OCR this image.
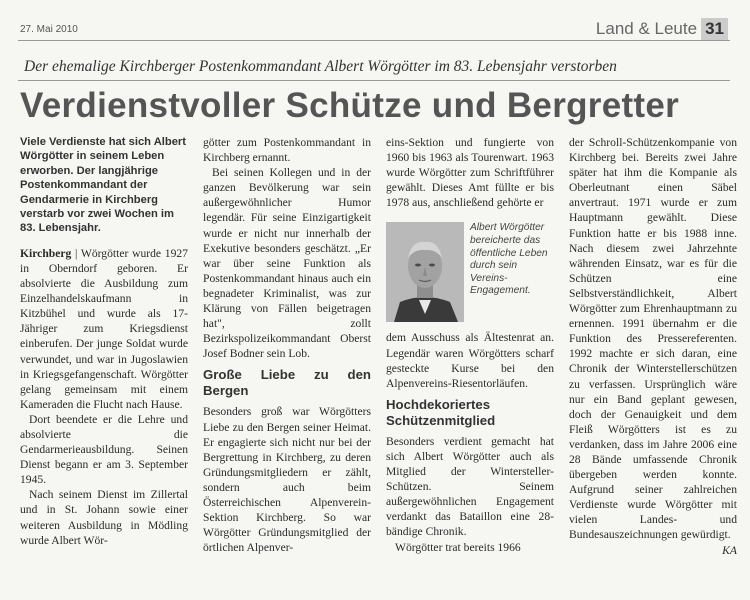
27. Mai 2010	Land & Leute 31
Der ehemalige Kirchberger Postenkommandant Albert Wörgötter im 83. Lebensjahr verstorben
Verdienstvoller Schütze und Bergretter

Viele Verdienste hat sich Albert Wörgötter in seinem Leben erworben. Der langjährige Postenkommandant der Gendarmerie in Kirchberg verstarb vor zwei Wochen im 83. Lebensjahr.

Kirchberg | Wörgötter wurde 1927 in Oberndorf geboren. Er absolvierte die Ausbildung zum Einzelhandelskaufmann in Kitzbühel und wurde als 17-Jähriger zum Kriegsdienst einberufen. Der junge Soldat wurde verwundet, und war in Jugoslawien in Kriegsgefangenschaft. Wörgötter gelang gemeinsam mit einem Kameraden die Flucht nach Hause.

Dort beendete er die Lehre und absolvierte die Gendarmerieausbildung. Seinen Dienst begann er am 3. September 1945.

Nach seinem Dienst im Zillertal und in St. Johann sowie einer weiteren Ausbildung in Mödling wurde Albert Wör-

götter zum Postenkommandant in Kirchberg ernannt.

Bei seinen Kollegen und in der ganzen Bevölkerung war sein außergewöhnlicher Humor legendär. Für seine Einzigartigkeit wurde er nicht nur innerhalb der Exekutive besonders geschätzt. „Er war über seine Funktion als Postenkommandant hinaus auch ein begnadeter Kriminalist, was zur Klärung von Fällen beigetragen hat", zollt Bezirkspolizeikommandant Oberst Josef Bodner sein Lob.

Große Liebe zu den Bergen

Besonders groß war Wörgötters Liebe zu den Bergen seiner Heimat. Er engagierte sich nicht nur bei der Bergrettung in Kirchberg, zu deren Gründungsmitgliedern er zählt, sondern auch beim Österreichischen Alpenverein-Sektion Kirchberg. So war Wörgötter Gründungsmitglied der örtlichen Alpenver-

eins-Sektion und fungierte von 1960 bis 1963 als Tourenwart. 1963 wurde Wörgötter zum Schriftführer gewählt. Dieses Amt füllte er bis 1978 aus, anschließend gehörte er

Albert Wörgötter bereicherte das öffentliche Leben durch sein Vereins-Engagement.

dem Ausschuss als Ältestenrat an. Legendär waren Wörgötters scharf gesteckte Kurse bei den Alpenvereins-Riesentorläufen.

Hochdekoriertes Schützenmitglied

Besonders verdient gemacht hat sich Albert Wörgötter auch als Mitglied der Wintersteller-Schützen. Seinem außergewöhnlichen Engagement verdankt das Bataillon eine 28-bändige Chronik.

Wörgötter trat bereits 1966

der Schroll-Schützenkompanie von Kirchberg bei. Bereits zwei Jahre später hat ihm die Kompanie als Oberleutnant einen Säbel anvertraut. 1971 wurde er zum Hauptmann gewählt. Diese Funktion hatte er bis 1988 inne. Nach diesem zwei Jahrzehnte währenden Einsatz, war es für die Schützen eine Selbstverständlichkeit, Albert Wörgötter zum Ehrenhauptmann zu ernennen. 1991 übernahm er die Funktion des Pressereferenten. 1992 machte er sich daran, eine Chronik der Winterstellerschützen zu verfassen. Ursprünglich wäre nur ein Band geplant gewesen, doch der Genauigkeit und dem Fleiß Wörgötters ist es zu verdanken, dass im Jahre 2006 eine 28 Bände umfassende Chronik übergeben werden konnte. Aufgrund seiner zahlreichen Verdienste wurde Wörgötter mit vielen Landes- und Bundesauszeichnungen gewürdigt.
KA
